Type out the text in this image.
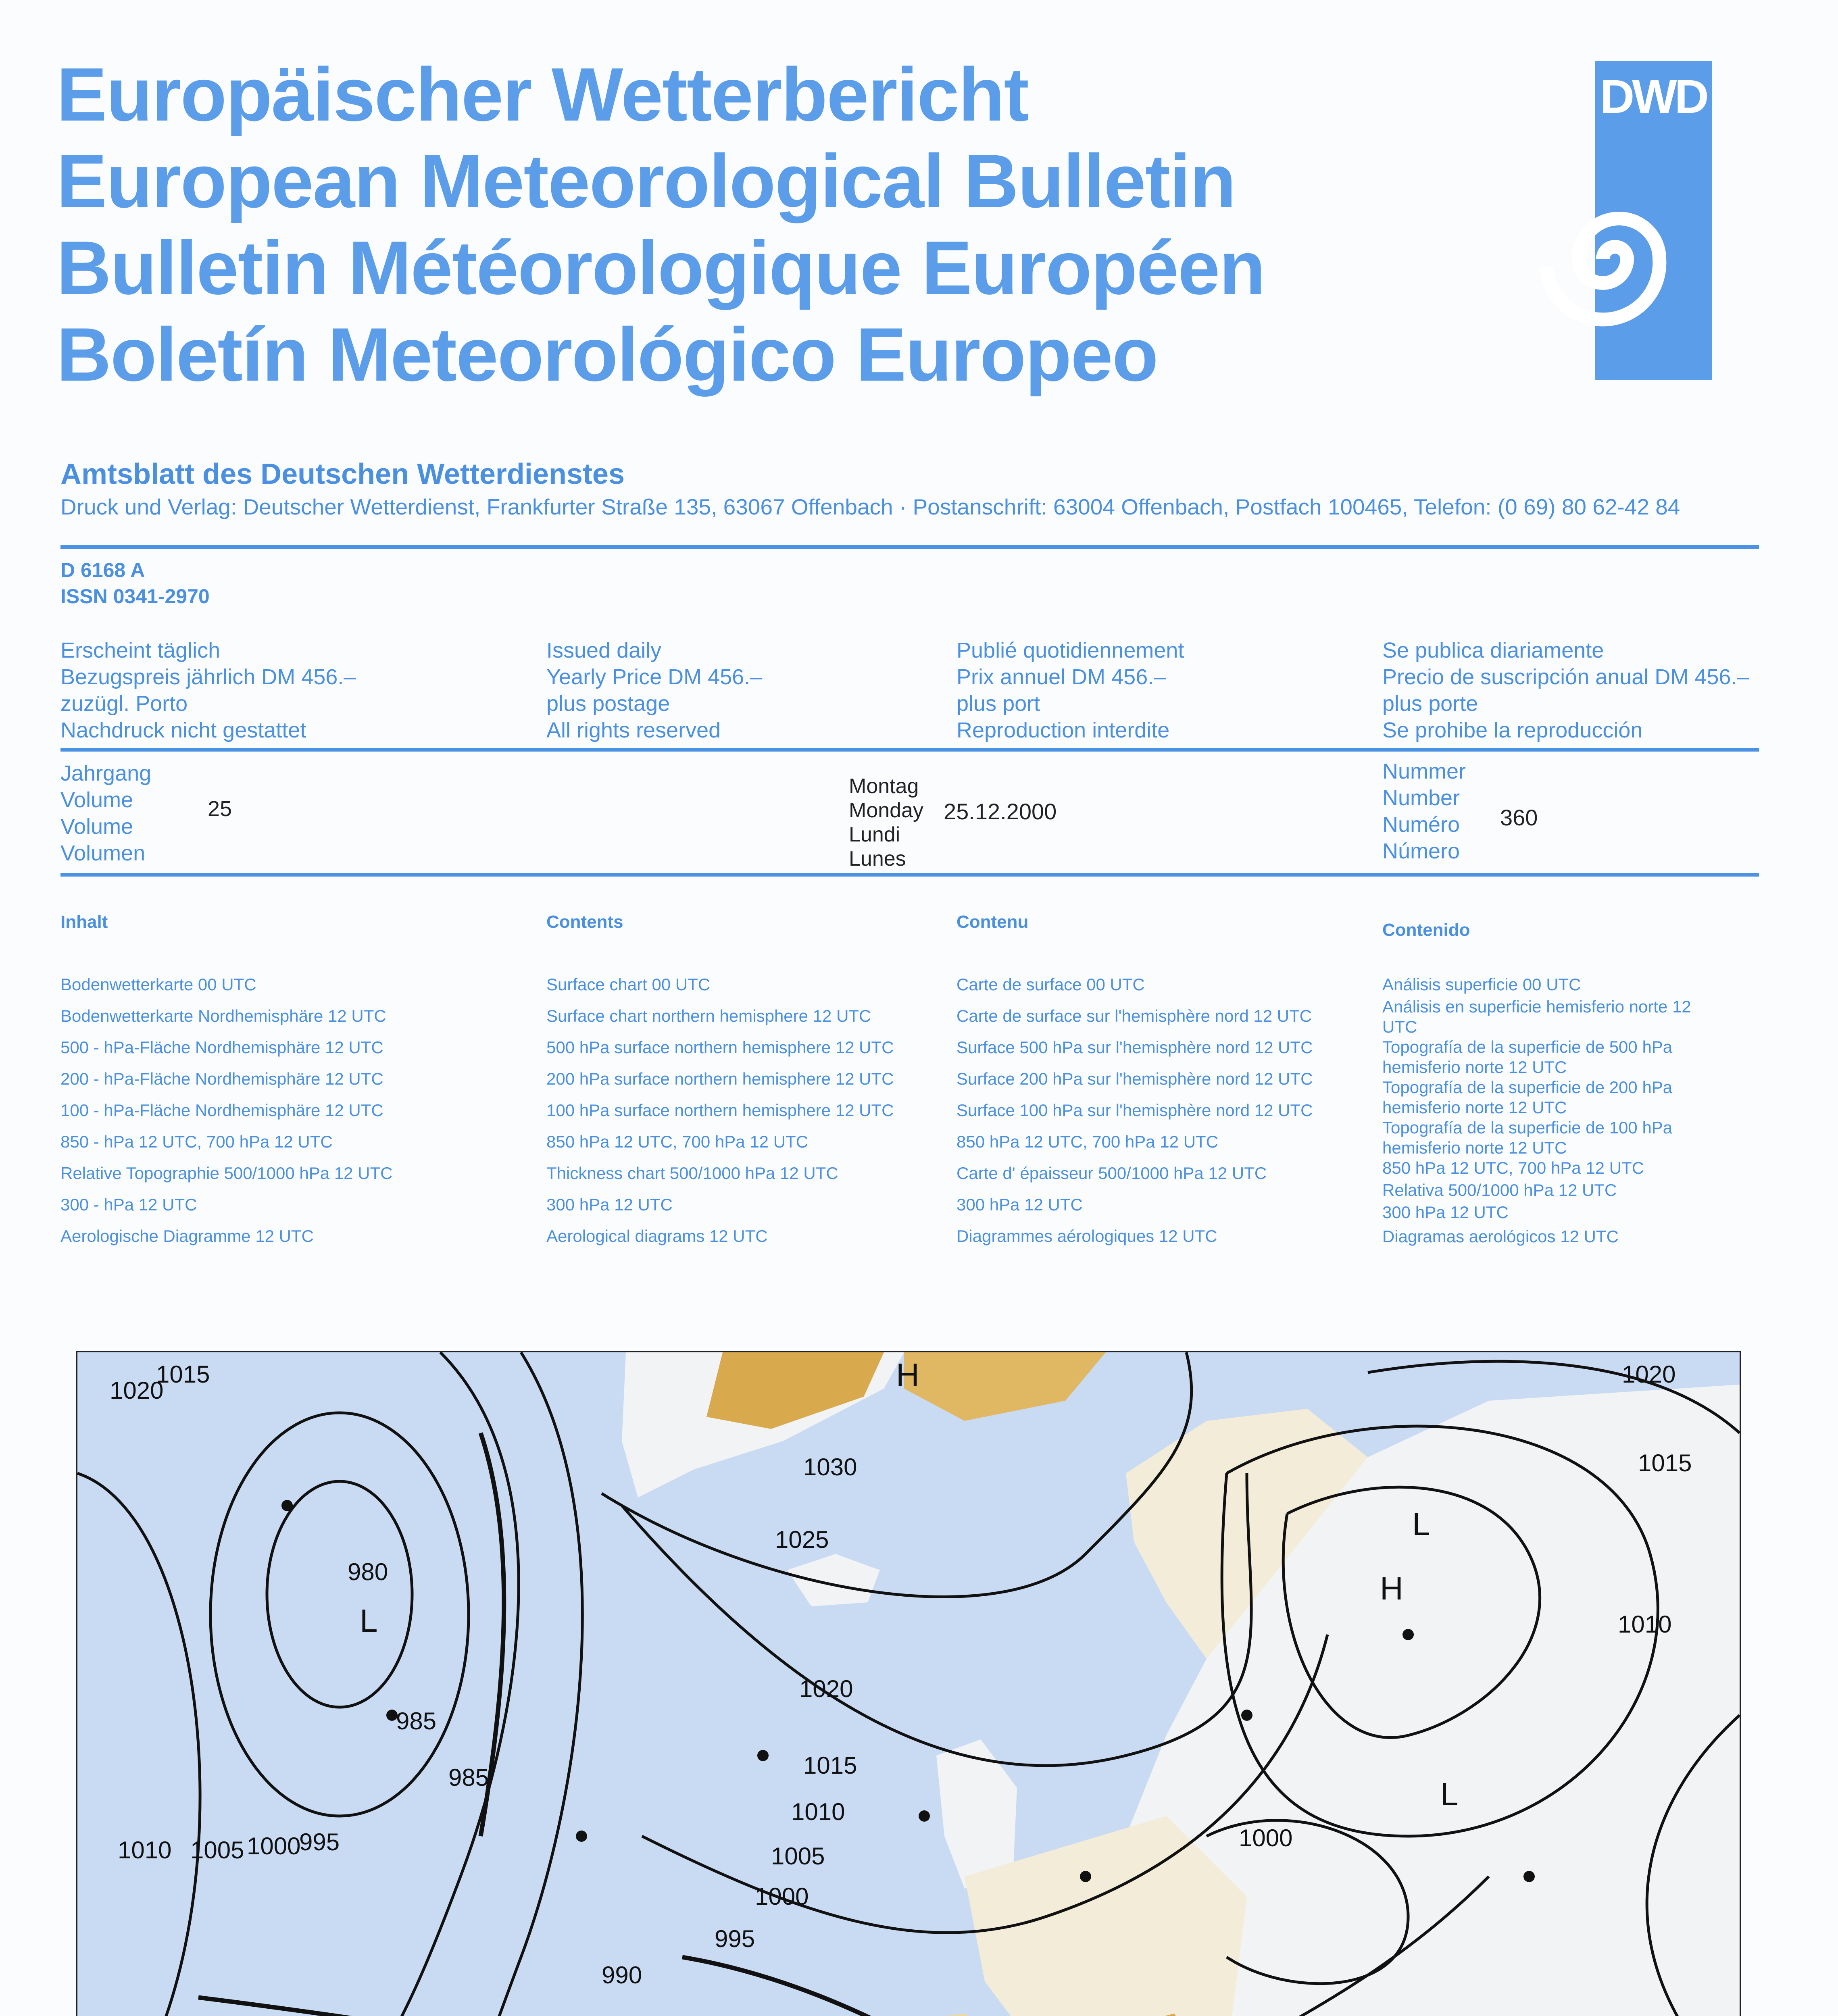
Europäischer Wetterbericht
European Meteorological Bulletin
Bulletin Météorologique Européen
Boletín Meteorológico Europeo
DWD
Amtsblatt des Deutschen Wetterdienstes
Druck und Verlag: Deutscher Wetterdienst, Frankfurter Straße 135, 63067 Offenbach · Postanschrift: 63004 Offenbach, Postfach 100465, Telefon: (0 69) 80 62-42 84
D 6168 A
ISSN 0341-2970
Erscheint täglich
Bezugspreis jährlich DM 456.–
zuzügl. Porto
Nachdruck nicht gestattet
Issued daily
Yearly Price DM 456.–
plus postage
All rights reserved
Publié quotidiennement
Prix annuel DM 456.–
plus port
Reproduction interdite
Se publica diariamente
Precio de suscripción anual DM 456.–
plus porte
Se prohibe la reproducción
Jahrgang
Volume
Volume
Volumen
25
Montag
Monday
Lundi
Lunes
25.12.2000
Nummer
Number
Numéro
Número
360
Inhalt
Bodenwetterkarte 00 UTC
Bodenwetterkarte Nordhemisphäre 12 UTC
500 - hPa-Fläche Nordhemisphäre 12 UTC
200 - hPa-Fläche Nordhemisphäre 12 UTC
100 - hPa-Fläche Nordhemisphäre 12 UTC
850 - hPa 12 UTC, 700 hPa 12 UTC
Relative Topographie 500/1000 hPa 12 UTC
300 - hPa 12 UTC
Aerologische Diagramme 12 UTC
Contents
Surface chart 00 UTC
Surface chart northern hemisphere 12 UTC
500 hPa surface northern hemisphere 12 UTC
200 hPa surface northern hemisphere 12 UTC
100 hPa surface northern hemisphere 12 UTC
850 hPa 12 UTC, 700 hPa 12 UTC
Thickness chart 500/1000 hPa 12 UTC
300 hPa 12 UTC
Aerological diagrams 12 UTC
Contenu
Carte de surface 00 UTC
Carte de surface sur l'hemisphère nord 12 UTC
Surface 500 hPa sur l'hemisphère nord 12 UTC
Surface 200 hPa sur l'hemisphère nord 12 UTC
Surface 100 hPa sur l'hemisphère nord 12 UTC
850 hPa 12 UTC, 700 hPa 12 UTC
Carte d' épaisseur 500/1000 hPa 12 UTC
300 hPa 12 UTC
Diagrammes aérologiques 12 UTC
Contenido
Análisis superficie 00 UTC
Análisis en superficie hemisferio norte 12 UTC
Topografía de la superficie de 500 hPa hemisferio norte 12 UTC
Topografía de la superficie de 200 hPa hemisferio norte 12 UTC
Topografía de la superficie de 100 hPa hemisferio norte 12 UTC
850 hPa 12 UTC, 700 hPa 12 UTC
Relativa 500/1000 hPa 12 UTC
300 hPa 12 UTC
Diagramas aerológicos 12 UTC
1020
1015
980
985
985
995
1000
1005
1010
1030
1025
1020
1015
1010
1005
1000
995
990
1000
1010
1015
1020
H
L
L
H
L
